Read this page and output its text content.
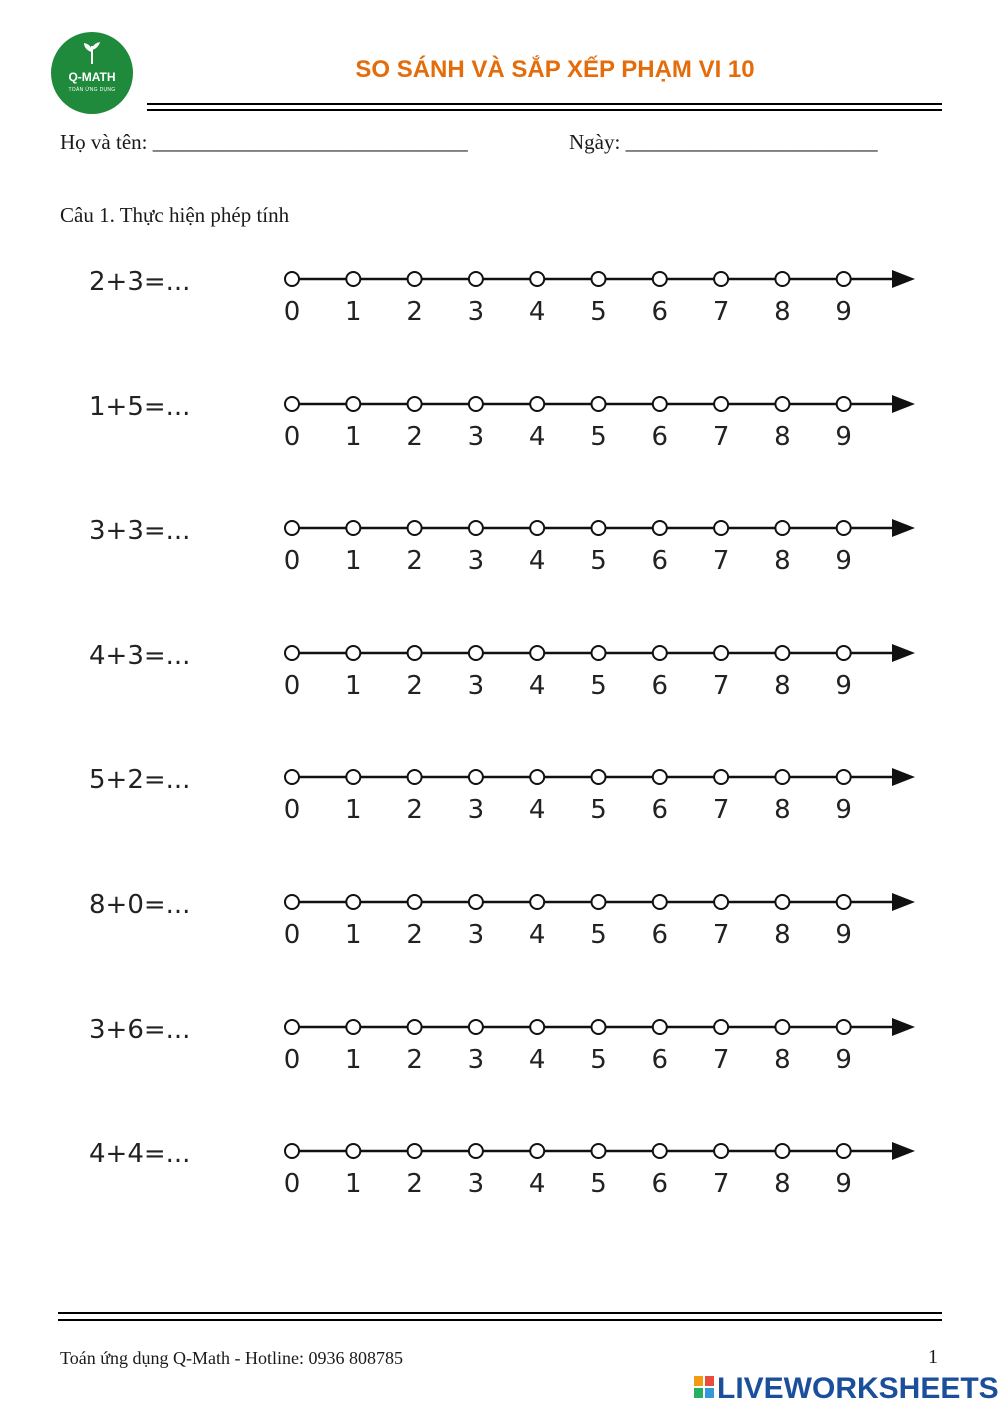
Q-MATH
TOÁN ỨNG DỤNG
SO SÁNH VÀ SẮP XẾP PHẠM VI 10
Họ và tên: ______________________________	Ngày: ________________________
Câu 1. Thực hiện phép tính
2+3=...
0 1 2 3 4 5 6 7 8 9
1+5=...
0 1 2 3 4 5 6 7 8 9
3+3=...
0 1 2 3 4 5 6 7 8 9
4+3=...
0 1 2 3 4 5 6 7 8 9
5+2=...
0 1 2 3 4 5 6 7 8 9
8+0=...
0 1 2 3 4 5 6 7 8 9
3+6=...
0 1 2 3 4 5 6 7 8 9
4+4=...
0 1 2 3 4 5 6 7 8 9
Toán ứng dụng Q-Math - Hotline: 0936 808785	1
LIVEWORKSHEETS
